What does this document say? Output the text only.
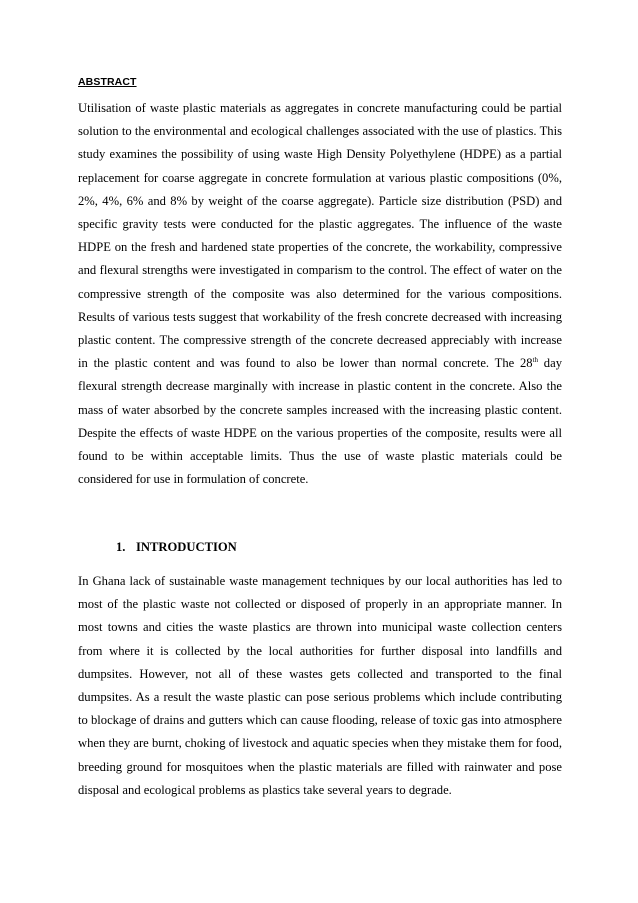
ABSTRACT

Utilisation of waste plastic materials as aggregates in concrete manufacturing could be partial solution to the environmental and ecological challenges associated with the use of plastics. This study examines the possibility of using waste High Density Polyethylene (HDPE) as a partial replacement for coarse aggregate in concrete formulation at various plastic compositions (0%, 2%, 4%, 6% and 8% by weight of the coarse aggregate). Particle size distribution (PSD) and specific gravity tests were conducted for the plastic aggregates. The influence of the waste HDPE on the fresh and hardened state properties of the concrete, the workability, compressive and flexural strengths were investigated in comparism to the control. The effect of water on the compressive strength of the composite was also determined for the various compositions. Results of various tests suggest that workability of the fresh concrete decreased with increasing plastic content. The compressive strength of the concrete decreased appreciably with increase in the plastic content and was found to also be lower than normal concrete. The 28th day flexural strength decrease marginally with increase in plastic content in the concrete. Also the mass of water absorbed by the concrete samples increased with the increasing plastic content. Despite the effects of waste HDPE on the various properties of the composite, results were all found to be within acceptable limits. Thus the use of waste plastic materials could be considered for use in formulation of concrete.

1. INTRODUCTION

In Ghana lack of sustainable waste management techniques by our local authorities has led to most of the plastic waste not collected or disposed of properly in an appropriate manner. In most towns and cities the waste plastics are thrown into municipal waste collection centers from where it is collected by the local authorities for further disposal into landfills and dumpsites. However, not all of these wastes gets collected and transported to the final dumpsites. As a result the waste plastic can pose serious problems which include contributing to blockage of drains and gutters which can cause flooding, release of toxic gas into atmosphere when they are burnt, choking of livestock and aquatic species when they mistake them for food, breeding ground for mosquitoes when the plastic materials are filled with rainwater and pose disposal and ecological problems as plastics take several years to degrade.
